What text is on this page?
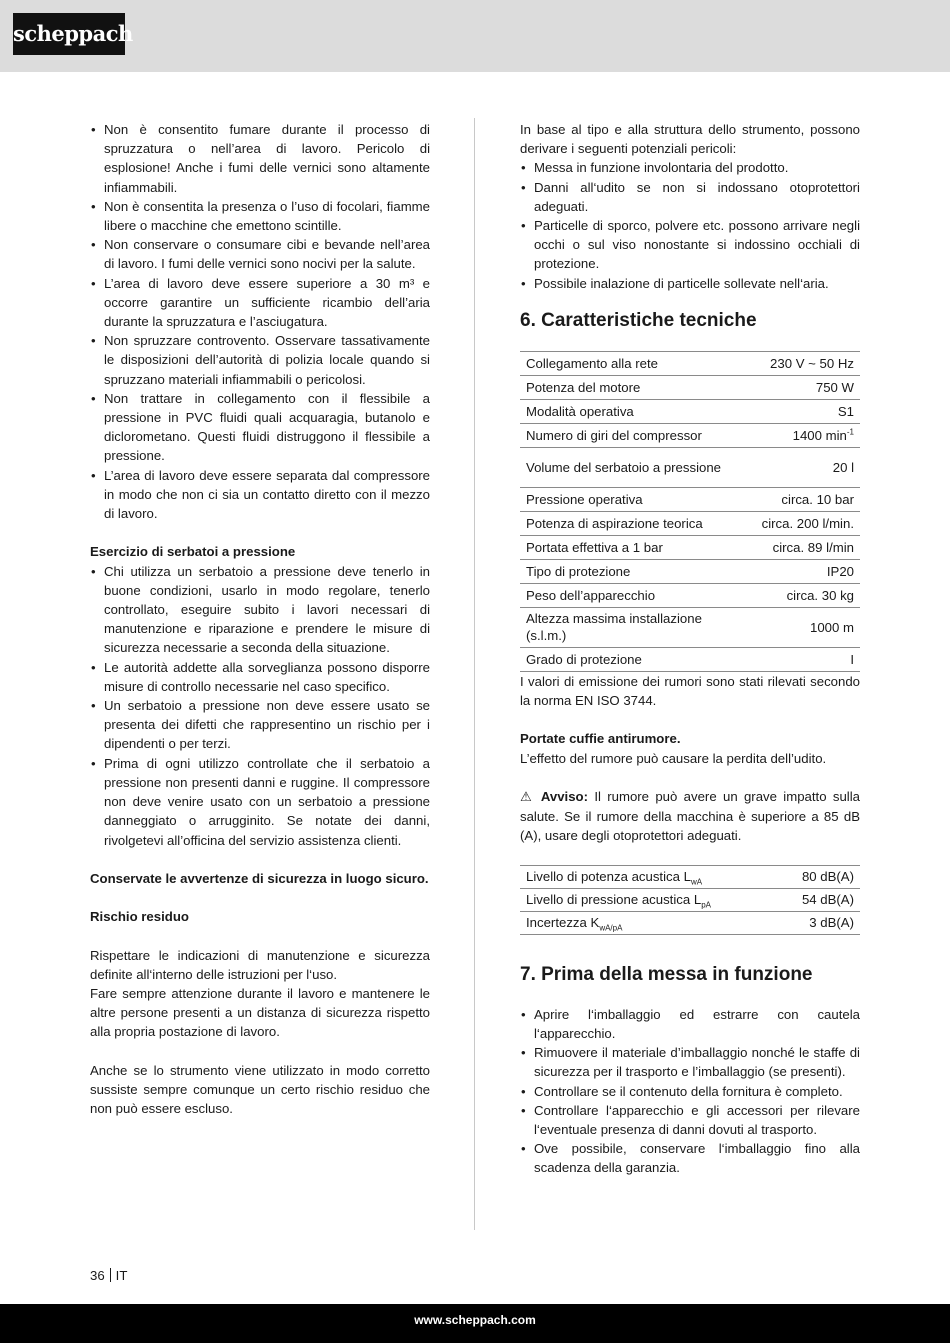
scheppach
• Non è consentito fumare durante il processo di spruzzatura o nell’area di lavoro. Pericolo di esplosione! Anche i fumi delle vernici sono altamente infiammabili.
• Non è consentita la presenza o l’uso di focolari, fiamme libere o macchine che emettono scintille.
• Non conservare o consumare cibi e bevande nell’area di lavoro. I fumi delle vernici sono nocivi per la salute.
• L’area di lavoro deve essere superiore a 30 m³ e occorre garantire un sufficiente ricambio dell’aria durante la spruzzatura e l’asciugatura.
• Non spruzzare controvento. Osservare tassativamente le disposizioni dell’autorità di polizia locale quando si spruzzano materiali infiammabili o pericolosi.
• Non trattare in collegamento con il flessibile a pressione in PVC fluidi quali acquaragia, butanolo e diclorometano. Questi fluidi distruggono il flessibile a pressione.
• L’area di lavoro deve essere separata dal compressore in modo che non ci sia un contatto diretto con il mezzo di lavoro.

Esercizio di serbatoi a pressione

• Chi utilizza un serbatoio a pressione deve tenerlo in buone condizioni, usarlo in modo regolare, tenerlo controllato, eseguire subito i lavori necessari di manutenzione e riparazione e prendere le misure di sicurezza necessarie a seconda della situazione.
• Le autorità addette alla sorveglianza possono disporre misure di controllo necessarie nel caso specifico.
• Un serbatoio a pressione non deve essere usato se presenta dei difetti che rappresentino un rischio per i dipendenti o per terzi.
• Prima di ogni utilizzo controllate che il serbatoio a pressione non presenti danni e ruggine. Il compressore non deve venire usato con un serbatoio a pressione danneggiato o arrugginito. Se notate dei danni, rivolgetevi all’officina del servizio assistenza clienti.

Conservate le avvertenze di sicurezza in luogo sicuro.

Rischio residuo

Rispettare le indicazioni di manutenzione e sicurezza definite all‘interno delle istruzioni per l‘uso.

Fare sempre attenzione durante il lavoro e mantenere le altre persone presenti a un distanza di sicurezza rispetto alla propria postazione di lavoro.

Anche se lo strumento viene utilizzato in modo corretto sussiste sempre comunque un certo rischio residuo che non può essere escluso.

In base al tipo e alla struttura dello strumento, possono derivare i seguenti potenziali pericoli:

• Messa in funzione involontaria del prodotto.
• Danni all‘udito se non si indossano otoprotettori adeguati.
• Particelle di sporco, polvere etc. possono arrivare negli occhi o sul viso nonostante si indossino occhiali di protezione.
• Possibile inalazione di particelle sollevate nell‘aria.
6. Caratteristiche tecniche
Collegamento alla rete	230 V ~ 50 Hz
Potenza del motore	750 W
Modalità operativa	S1
Numero di giri del compressor	1400 $\min^{-1}$
Volume del serbatoio a pressione	20 l
Pressione operativa	circa. 10 bar
Potenza di aspirazione teorica	circa. 200 l/min.
Portata effettiva a 1 bar	circa. 89 l/min
Tipo di protezione	IP20
Peso dell’apparecchio	circa. 30 kg
Altezza massima installazione (s.l.m.)	1000 m
Grado di protezione	I

I valori di emissione dei rumori sono stati rilevati secondo la norma EN ISO 3744.

Portate cuffie antirumore.

L’effetto del rumore può causare la perdita dell’udito.

⚠ Avviso: Il rumore può avere un grave impatto sulla salute. Se il rumore della macchina è superiore a 85 dB (A), usare degli otoprotettori adeguati.

Livello di potenza acustica $L_{wA}$	80 dB(A)
Livello di pressione acustica $L_{pA}$	54 dB(A)
Incertezza $K_{wA/pA}$	3 dB(A)
7. Prima della messa in funzione
• Aprire l‘imballaggio ed estrarre con cautela l‘apparecchio.
• Rimuovere il materiale d’imballaggio nonché le staffe di sicurezza per il trasporto e l’imballaggio (se presenti).
• Controllare se il contenuto della fornitura è completo.
• Controllare l‘apparecchio e gli accessori per rilevare l‘eventuale presenza di danni dovuti al trasporto.
• Ove possibile, conservare l‘imballaggio fino alla scadenza della garanzia.
36 IT
www.scheppach.com
